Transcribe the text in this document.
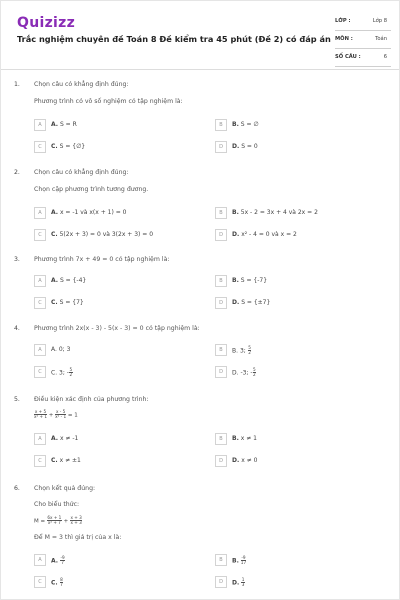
Quizizz
Trắc nghiệm chuyên đề Toán 8 Đề kiểm tra 45 phút (Đề 2) có đáp án
LỚP :	Lớp 8
MÔN :	Toán
SỐ CÂU :	6
1. Chọn câu có khẳng định đúng:
Phương trình có vô số nghiệm có tập nghiệm là:
A	A. S = R	B	B. S = ∅
C	C. S = {∅}	D	D. S = 0
2. Chọn câu có khẳng định đúng:
Chọn cặp phương trình tương đương.
A	A. x = -1 và x(x + 1) = 0	B	B. 5x - 2 = 3x + 4 và 2x = 2
C	C. 5(2x + 3) = 0 và 3(2x + 3) = 0	D	D. x² - 4 = 0 và x = 2
3. Phương trình 7x + 49 = 0 có tập nghiệm là:
A	A. S = {-4}	B	B. S = {-7}
C	C. S = {7}	D	D. S = {±7}
4. Phương trình 2x(x - 3) - 5(x - 3) = 0 có tập nghiệm là:
A	A. 0; 3	B	B. 3; $\frac{5}{2}$
C	C. 3; - $\frac{5}{2}$	D	D. -3; - $\frac{5}{2}$
5. Điều kiện xác định của phương trình:
$\frac{x + 5}{\text{x² + 1}} + \frac{x - 5}{\text{x² - 1}} = 1$
A	A. x ≠ -1	B	B. x ≠ 1
C	C. x ≠ ±1	D	D. x ≠ 0
6. Chọn kết quả đúng:
Cho biểu thức:
$M = \frac{6x + 1}{\text{x² + 7}} + \frac{x + 3}{x + 3}$
Để M = 3 thì giá trị của x là:
A	A. $\frac{-9}{7}$	B	B. $\frac{-9}{17}$
C	C. $\frac{8}{7}$	D	D. $\frac{1}{3}$
